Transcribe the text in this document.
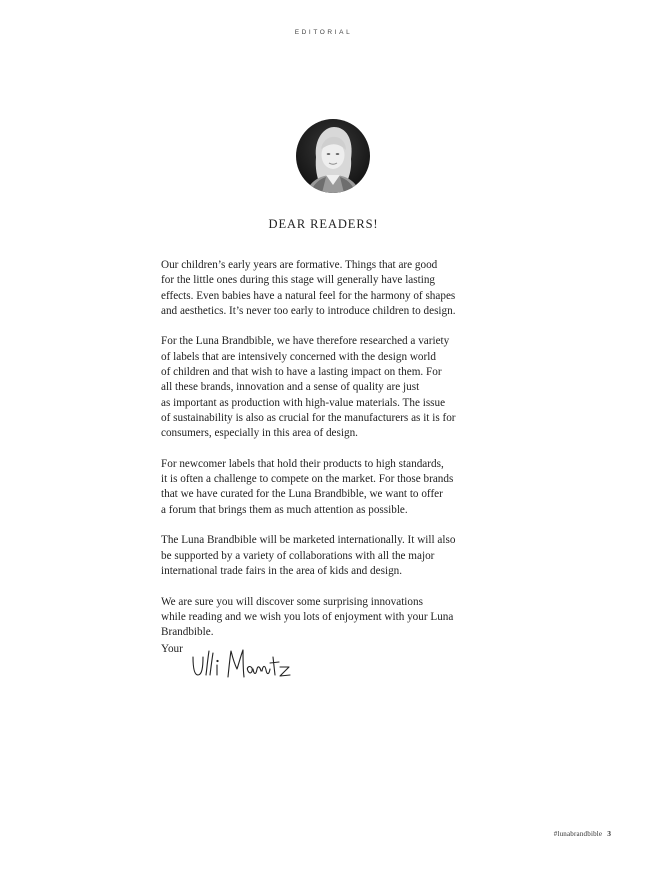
EDITORIAL
DEAR READERS!

Our children’s early years are formative. Things that are good
for the little ones during this stage will generally have lasting
effects. Even babies have a natural feel for the harmony of shapes
and aesthetics. It’s never too early to introduce children to design.

For the Luna Brandbible, we have therefore researched a variety
of labels that are intensively concerned with the design world
of children and that wish to have a lasting impact on them. For
all these brands, innovation and a sense of quality are just
as important as production with high-value materials. The issue
of sustainability is also as crucial for the manufacturers as it is for
consumers, especially in this area of design.

For newcomer labels that hold their products to high standards,
it is often a challenge to compete on the market. For those brands
that we have curated for the Luna Brandbible, we want to offer
a forum that brings them as much attention as possible.

The Luna Brandbible will be marketed internationally. It will also
be supported by a variety of collaborations with all the major
international trade fairs in the area of kids and design.

We are sure you will discover some surprising innovations
while reading and we wish you lots of enjoyment with your Luna
Brandbible.

Your
#lunabrandbible 3
